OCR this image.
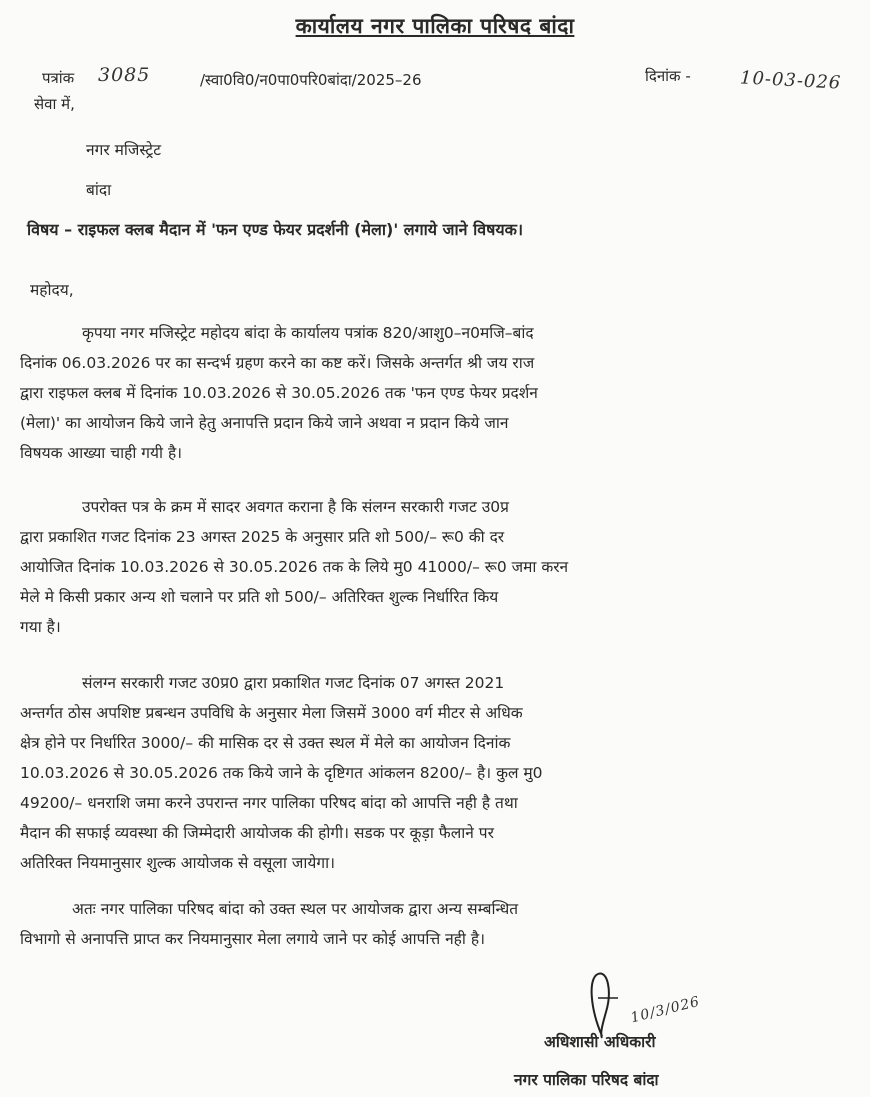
कार्यालय नगर पालिका परिषद बांदा
पत्रांक 3085	/स्वा0वि0/न0पा0परि0बांदा/2025–26	दिनांक -	10-03-026
सेवा में,
नगर मजिस्ट्रेट
बांदा
विषय – राइफल क्लब मैदान में 'फन एण्ड फेयर प्रदर्शनी (मेला)' लगाये जाने विषयक।
महोदय,
कृपया नगर मजिस्ट्रेट महोदय बांदा के कार्यालय पत्रांक 820/आशु0–न0मजि–बांद
दिनांक 06.03.2026 पर का सन्दर्भ ग्रहण करने का कष्ट करें। जिसके अन्तर्गत श्री जय राज
द्वारा राइफल क्लब में दिनांक 10.03.2026 से 30.05.2026 तक 'फन एण्ड फेयर प्रदर्शन
(मेला)' का आयोजन किये जाने हेतु अनापत्ति प्रदान किये जाने अथवा न प्रदान किये जान
विषयक आख्या चाही गयी है।
उपरोक्त पत्र के क्रम में सादर अवगत कराना है कि संलग्न सरकारी गजट उ0प्र
द्वारा प्रकाशित गजट दिनांक 23 अगस्त 2025 के अनुसार प्रति शो 500/– रू0 की दर
आयोजित दिनांक 10.03.2026 से 30.05.2026 तक के लिये मु0 41000/– रू0 जमा करन
मेले मे किसी प्रकार अन्य शो चलाने पर प्रति शो 500/– अतिरिक्त शुल्क निर्धारित किय
गया है।
संलग्न सरकारी गजट उ0प्र0 द्वारा प्रकाशित गजट दिनांक 07 अगस्त 2021
अन्तर्गत ठोस अपशिष्ट प्रबन्धन उपविधि के अनुसार मेला जिसमें 3000 वर्ग मीटर से अधिक
क्षेत्र होने पर निर्धारित 3000/– की मासिक दर से उक्त स्थल में मेले का आयोजन दिनांक
10.03.2026 से 30.05.2026 तक किये जाने के दृष्टिगत आंकलन 8200/– है। कुल मु0
49200/– धनराशि जमा करने उपरान्त नगर पालिका परिषद बांदा को आपत्ति नही है तथा
मैदान की सफाई व्यवस्था की जिम्मेदारी आयोजक की होगी। सडक पर कूड़ा फैलाने पर
अतिरिक्त नियमानुसार शुल्क आयोजक से वसूला जायेगा।
अतः नगर पालिका परिषद बांदा को उक्त स्थल पर आयोजक द्वारा अन्य सम्बन्धित
विभागो से अनापत्ति प्राप्त कर नियमानुसार मेला लगाये जाने पर कोई आपत्ति नही है।
10/3/026
अधिशासी अधिकारी
नगर पालिका परिषद बांदा
